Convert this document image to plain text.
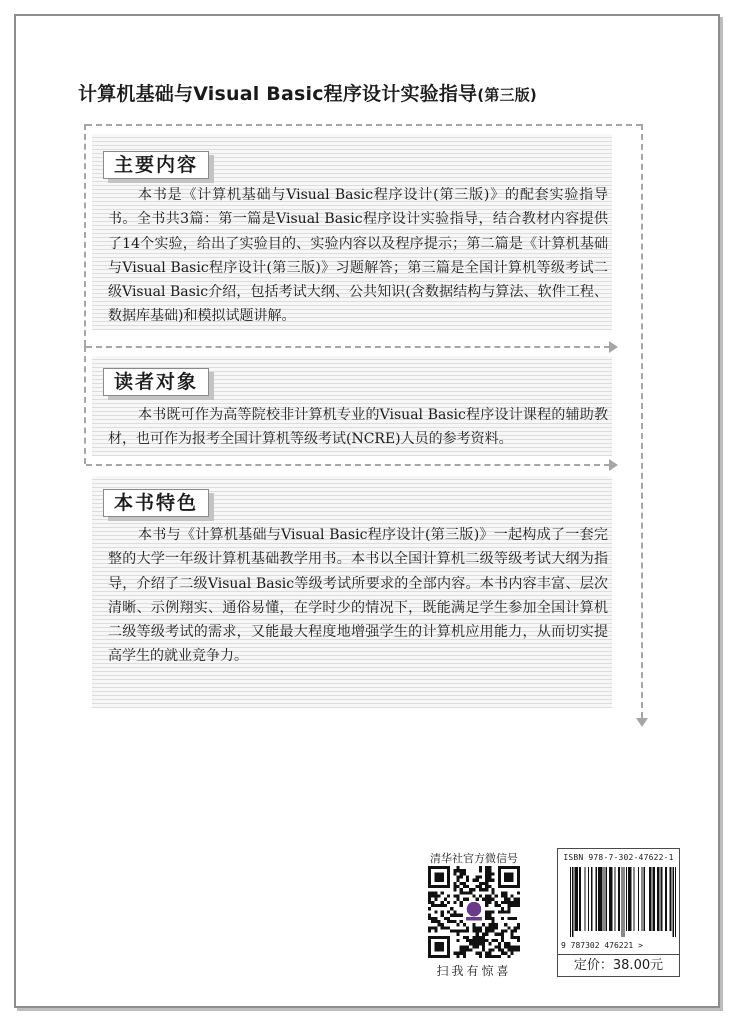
计算机基础与Visual Basic程序设计实验指导(第三版)
主要内容

本书是《计算机基础与Visual Basic程序设计(第三版)》的配套实验指导书。全书共3篇：第一篇是Visual Basic程序设计实验指导，结合教材内容提供了14个实验，给出了实验目的、实验内容以及程序提示；第二篇是《计算机基础与Visual Basic程序设计(第三版)》习题解答；第三篇是全国计算机等级考试二级Visual Basic介绍，包括考试大纲、公共知识(含数据结构与算法、软件工程、数据库基础)和模拟试题讲解。

读者对象

本书既可作为高等院校非计算机专业的Visual Basic程序设计课程的辅助教材，也可作为报考全国计算机等级考试(NCRE)人员的参考资料。

本书特色

本书与《计算机基础与Visual Basic程序设计(第三版)》一起构成了一套完整的大学一年级计算机基础教学用书。本书以全国计算机二级等级考试大纲为指导，介绍了二级Visual Basic等级考试所要求的全部内容。本书内容丰富、层次清晰、示例翔实、通俗易懂，在学时少的情况下，既能满足学生参加全国计算机二级等级考试的需求，又能最大程度地增强学生的计算机应用能力，从而切实提高学生的就业竞争力。

清华社官方微信号
扫我有惊喜
ISBN 978-7-302-47622-1
9 787302 476221 >
定价：38.00元
